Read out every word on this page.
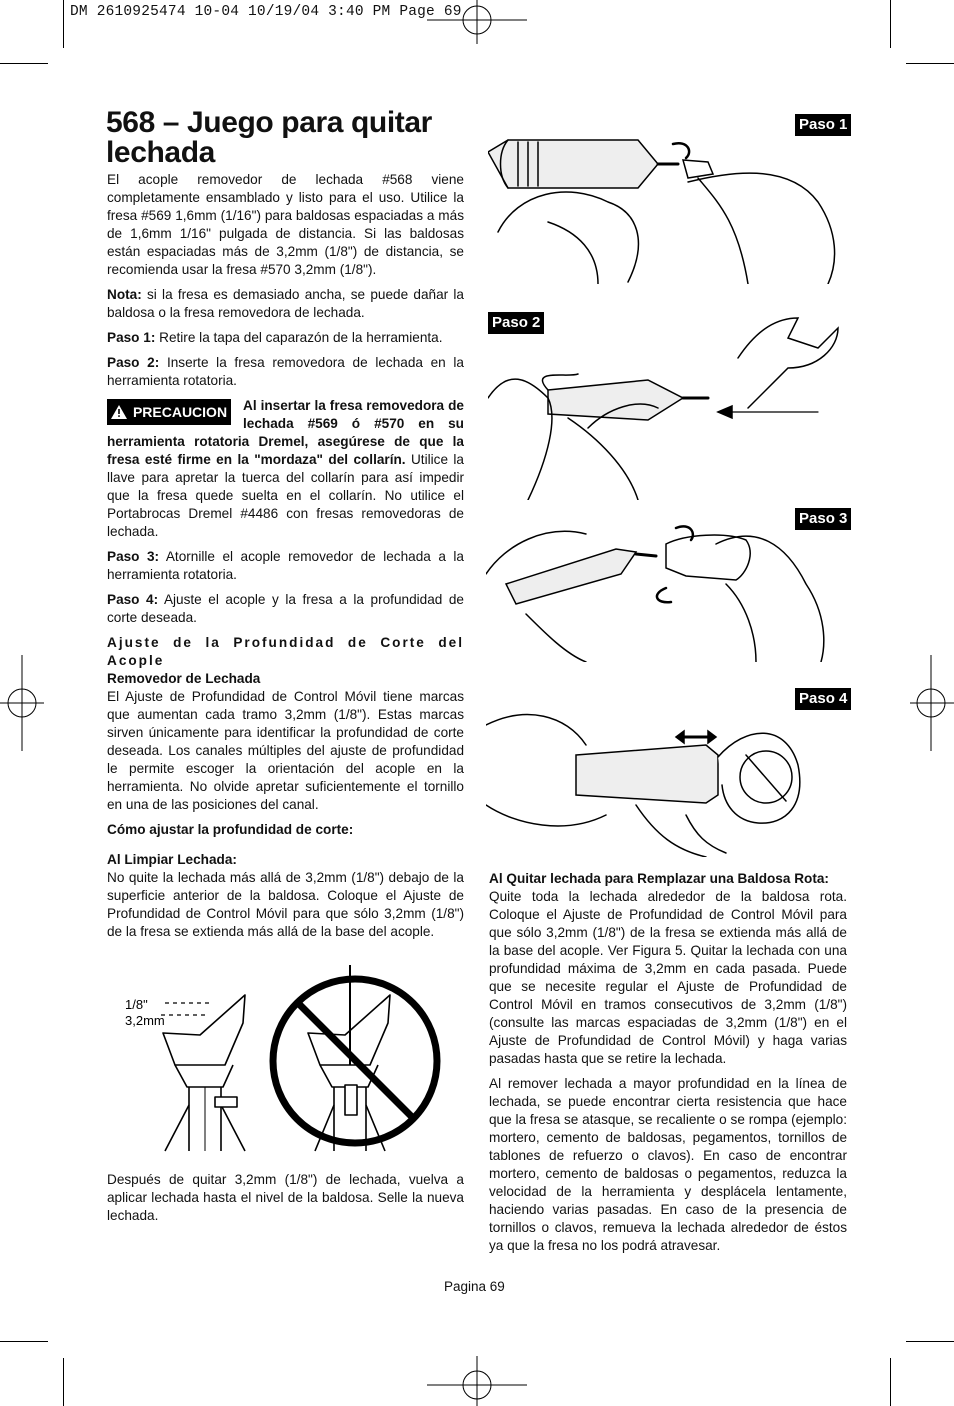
DM 2610925474 10-04 10/19/04 3:40 PM Page 69
568 – Juego para quitar lechada

El acople removedor de lechada #568 viene completamente ensamblado y listo para el uso. Utilice la fresa #569 1,6mm (1/16") para baldosas espaciadas a más de 1,6mm 1/16" pulgada de distancia. Si las baldosas están espaciadas más de 3,2mm (1/8") de distancia, se recomienda usar la fresa #570 3,2mm (1/8").

Nota: si la fresa es demasiado ancha, se puede dañar la baldosa o la fresa removedora de lechada.

Paso 1: Retire la tapa del caparazón de la herramienta.

Paso 2: Inserte la fresa removedora de lechada en la herramienta rotatoria.

PRECAUCION	Al insertar la fresa removedora de lechada #569 ó #570 en su herramienta rotatoria Dremel, asegúrese de que la fresa esté firme en la "mordaza" del collarín. Utilice la llave para apretar la tuerca del collarín para así impedir que la fresa quede suelta en el collarín. No utilice el Portabrocas Dremel #4486 con fresas removedoras de lechada.

Paso 3: Atornille el acople removedor de lechada a la herramienta rotatoria.

Paso 4: Ajuste el acople y la fresa a la profundidad de corte deseada.

Ajuste de la Profundidad de Corte del Acople
Removedor de Lechada

El Ajuste de Profundidad de Control Móvil tiene marcas que aumentan cada tramo 3,2mm (1/8"). Estas marcas sirven únicamente para identificar la profundidad de corte deseada. Los canales múltiples del ajuste de profundidad le permite escoger la orientación del acople en la herramienta. No olvide apretar suficientemente el tornillo en una de las posiciones del canal.

Cómo ajustar la profundidad de corte:

Al Limpiar Lechada:

No quite la lechada más allá de 3,2mm (1/8") debajo de la superficie anterior de la baldosa. Coloque el Ajuste de Profundidad de Control Móvil para que sólo 3,2mm (1/8") de la fresa se extienda más allá de la base del acople.

1/8"
3,2mm

Después de quitar 3,2mm (1/8") de lechada, vuelva a aplicar lechada hasta el nivel de la baldosa. Selle la nueva lechada.

Paso 1
Paso 2
Paso 3
Paso 4

Al Quitar lechada para Remplazar una Baldosa Rota:

Quite toda la lechada alrededor de la baldosa rota. Coloque el Ajuste de Profundidad de Control Móvil para que sólo 3,2mm (1/8") de la fresa se extienda más allá de la base del acople. Ver Figura 5. Quitar la lechada con una profundidad máxima de 3,2mm en cada pasada. Puede que se necesite regular el Ajuste de Profundidad de Control Móvil en tramos consecutivos de 3,2mm (1/8") (consulte las marcas espaciadas de 3,2mm (1/8") en el Ajuste de Profundidad de Control Móvil) y haga varias pasadas hasta que se retire la lechada.

Al remover lechada a mayor profundidad en la línea de lechada, se puede encontrar cierta resistencia que hace que la fresa se atasque, se recaliente o se rompa (ejemplo: mortero, cemento de baldosas, pegamentos, tornillos de tablones de refuerzo o clavos). En caso de encontrar mortero, cemento de baldosas o pegamentos, reduzca la velocidad de la herramienta y desplácela lentamente, haciendo varias pasadas. En caso de la presencia de tornillos o clavos, remueva la lechada alrededor de éstos ya que la fresa no los podrá atravesar.

Pagina 69
